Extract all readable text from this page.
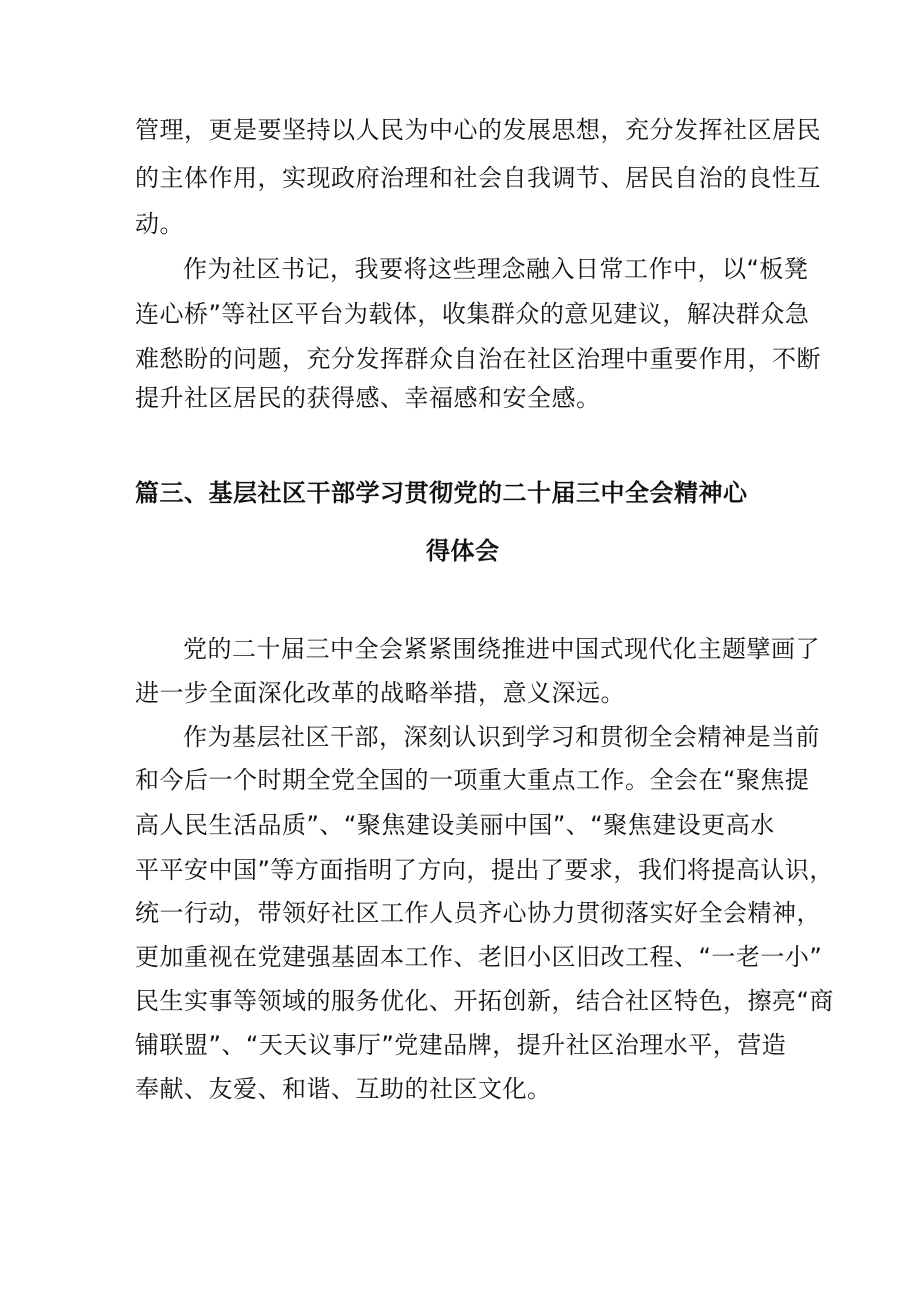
管理，更是要坚持以人民为中心的发展思想，充分发挥社区居民
的主体作用，实现政府治理和社会自我调节、居民自治的良性互
动。
作为社区书记，我要将这些理念融入日常工作中，以“板凳
连心桥”等社区平台为载体，收集群众的意见建议，解决群众急
难愁盼的问题，充分发挥群众自治在社区治理中重要作用，不断
提升社区居民的获得感、幸福感和安全感。
篇三、基层社区干部学习贯彻党的二十届三中全会精神心
得体会
党的二十届三中全会紧紧围绕推进中国式现代化主题擘画了
进一步全面深化改革的战略举措，意义深远。
作为基层社区干部，深刻认识到学习和贯彻全会精神是当前
和今后一个时期全党全国的一项重大重点工作。全会在“聚焦提
高人民生活品质”、“聚焦建设美丽中国”、“聚焦建设更高水
平平安中国”等方面指明了方向，提出了要求，我们将提高认识，
统一行动，带领好社区工作人员齐心协力贯彻落实好全会精神，
更加重视在党建强基固本工作、老旧小区旧改工程、“一老一小”
民生实事等领域的服务优化、开拓创新，结合社区特色，擦亮“商
铺联盟”、“天天议事厅”党建品牌，提升社区治理水平，营造
奉献、友爱、和谐、互助的社区文化。
